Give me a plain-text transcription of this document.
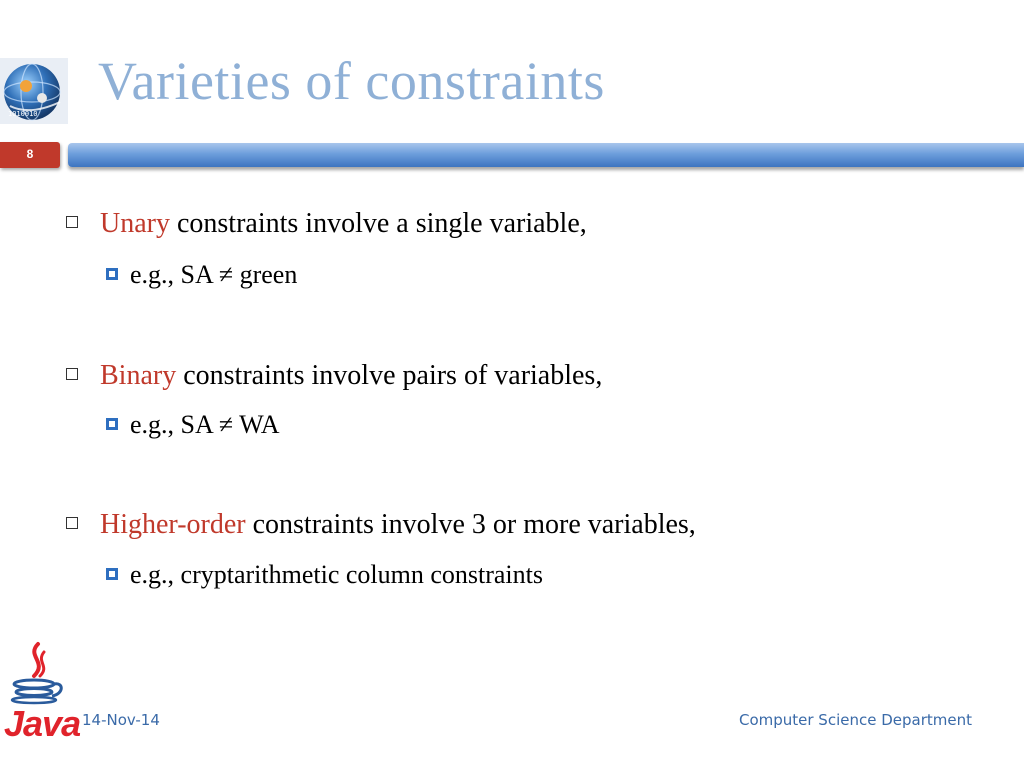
1010010
Varieties of constraints
8
Unary constraints involve a single variable,
e.g., SA ≠ green
Binary constraints involve pairs of variables,
e.g., SA ≠ WA
Higher-order constraints involve 3 or more variables,
e.g., cryptarithmetic column constraints
Java 14-Nov-14	Computer Science Department
